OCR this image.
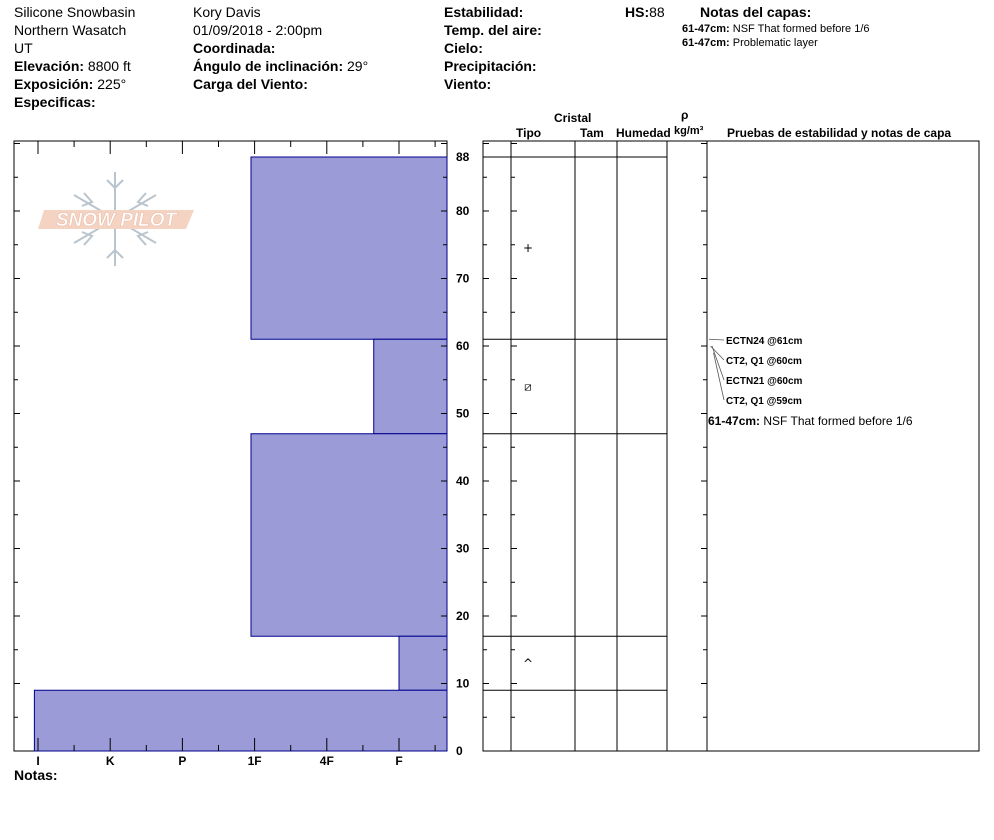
Silicone Snowbasin
Northern Wasatch
UT
Elevación: 8800 ft
Exposición: 225°
Especificas:
Kory Davis
01/09/2018 - 2:00pm
Coordinada:
Ángulo de inclinación: 29°
Carga del Viento:
Estabilidad:
Temp. del aire:
Cielo:
Precipitación:
Viento:
HS:88	Notas del capas:
61-47cm: NSF That formed before 1/6
61-47cm: Problematic layer
Cristal
Tipo	Tam Humedad
ρ
kg/m³ Pruebas de estabilidad y notas de capa
SNOW PILOT
I	K	P	1F	4F	F
0
10
20
30
40
50
60
70
80
88
+
⧄
^
ECTN24 @61cm
CT2, Q1 @60cm
ECTN21 @60cm
CT2, Q1 @59cm
61-47cm: NSF That formed before 1/6
Notas:
